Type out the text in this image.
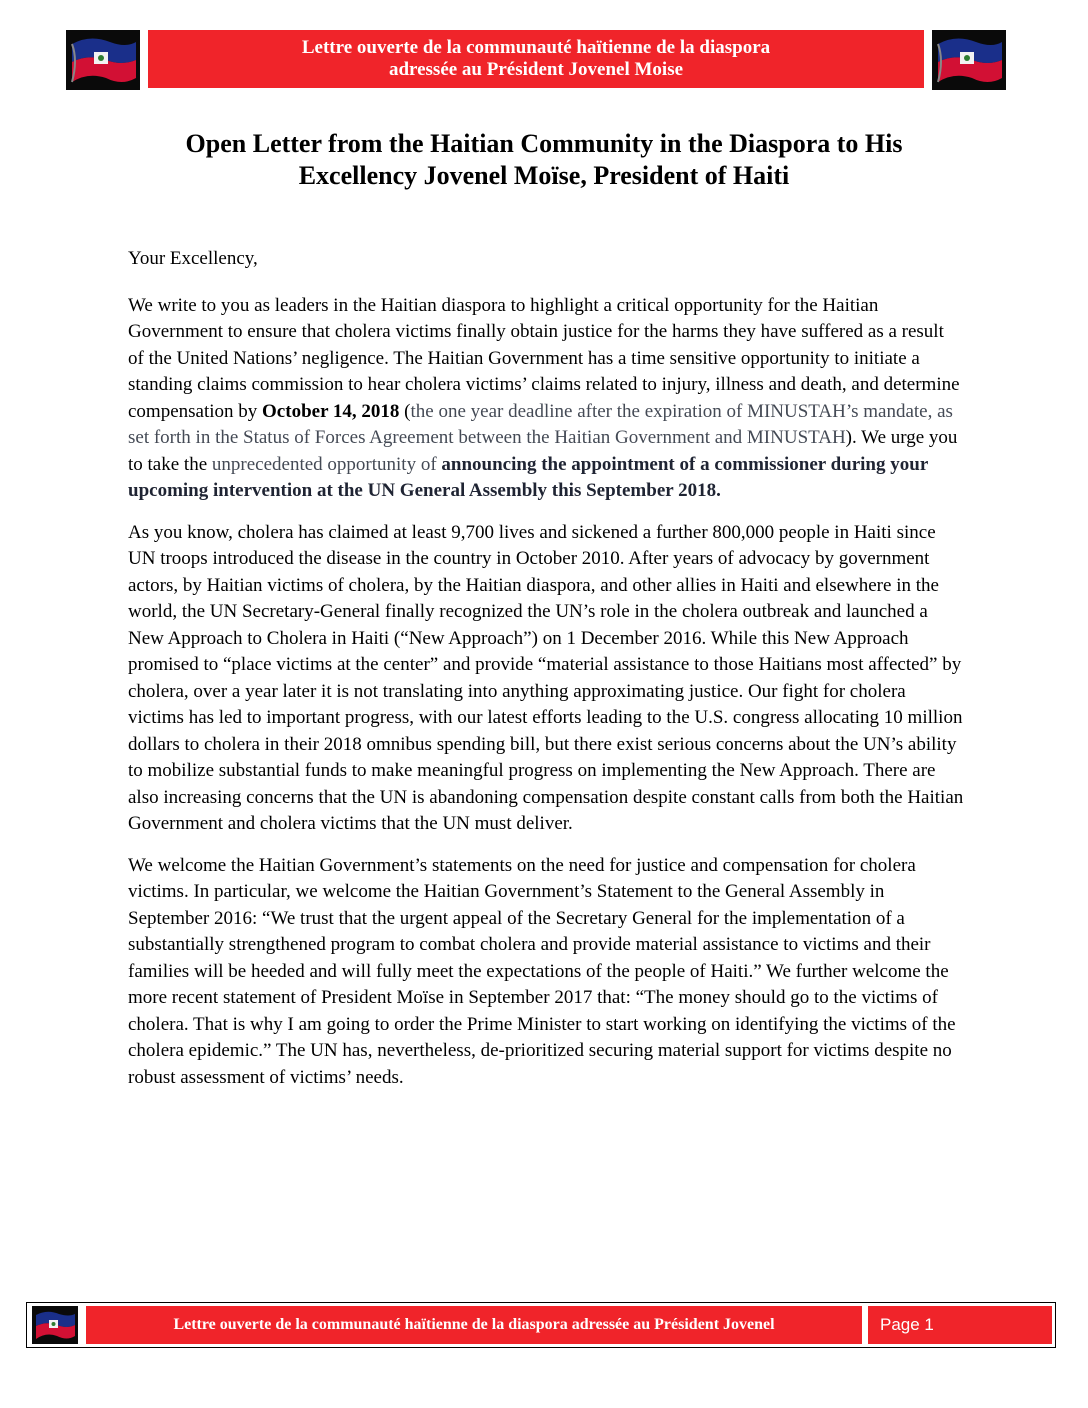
Lettre ouverte de la communauté haïtienne de la diaspora
adressée au Président Jovenel Moise
Open Letter from the Haitian Community in the Diaspora to His
Excellency Jovenel Moïse, President of Haiti

Your Excellency,

We write to you as leaders in the Haitian diaspora to highlight a critical opportunity for the Haitian Government to ensure that cholera victims finally obtain justice for the harms they have suffered as a result of the United Nations’ negligence. The Haitian Government has a time sensitive opportunity to initiate a standing claims commission to hear cholera victims’ claims related to injury, illness and death, and determine compensation by October 14, 2018 (the one year deadline after the expiration of MINUSTAH’s mandate, as set forth in the Status of Forces Agreement between the Haitian Government and MINUSTAH). We urge you to take the unprecedented opportunity of announcing the appointment of a commissioner during your upcoming intervention at the UN General Assembly this September 2018.

As you know, cholera has claimed at least 9,700 lives and sickened a further 800,000 people in Haiti since UN troops introduced the disease in the country in October 2010. After years of advocacy by government actors, by Haitian victims of cholera, by the Haitian diaspora, and other allies in Haiti and elsewhere in the world, the UN Secretary-General finally recognized the UN’s role in the cholera outbreak and launched a New Approach to Cholera in Haiti (“New Approach”) on 1 December 2016. While this New Approach promised to “place victims at the center” and provide “material assistance to those Haitians most affected” by cholera, over a year later it is not translating into anything approximating justice. Our fight for cholera victims has led to important progress, with our latest efforts leading to the U.S. congress allocating 10 million dollars to cholera in their 2018 omnibus spending bill, but there exist serious concerns about the UN’s ability to mobilize substantial funds to make meaningful progress on implementing the New Approach. There are also increasing concerns that the UN is abandoning compensation despite constant calls from both the Haitian Government and cholera victims that the UN must deliver.

We welcome the Haitian Government’s statements on the need for justice and compensation for cholera victims. In particular, we welcome the Haitian Government’s Statement to the General Assembly in September 2016: “We trust that the urgent appeal of the Secretary General for the implementation of a substantially strengthened program to combat cholera and provide material assistance to victims and their families will be heeded and will fully meet the expectations of the people of Haiti.” We further welcome the more recent statement of President Moïse in September 2017 that: “The money should go to the victims of cholera. That is why I am going to order the Prime Minister to start working on identifying the victims of the cholera epidemic.” The UN has, nevertheless, de-prioritized securing material support for victims despite no robust assessment of victims’ needs.

Lettre ouverte de la communauté haïtienne de la diaspora adressée au Président Jovenel	Page 1
